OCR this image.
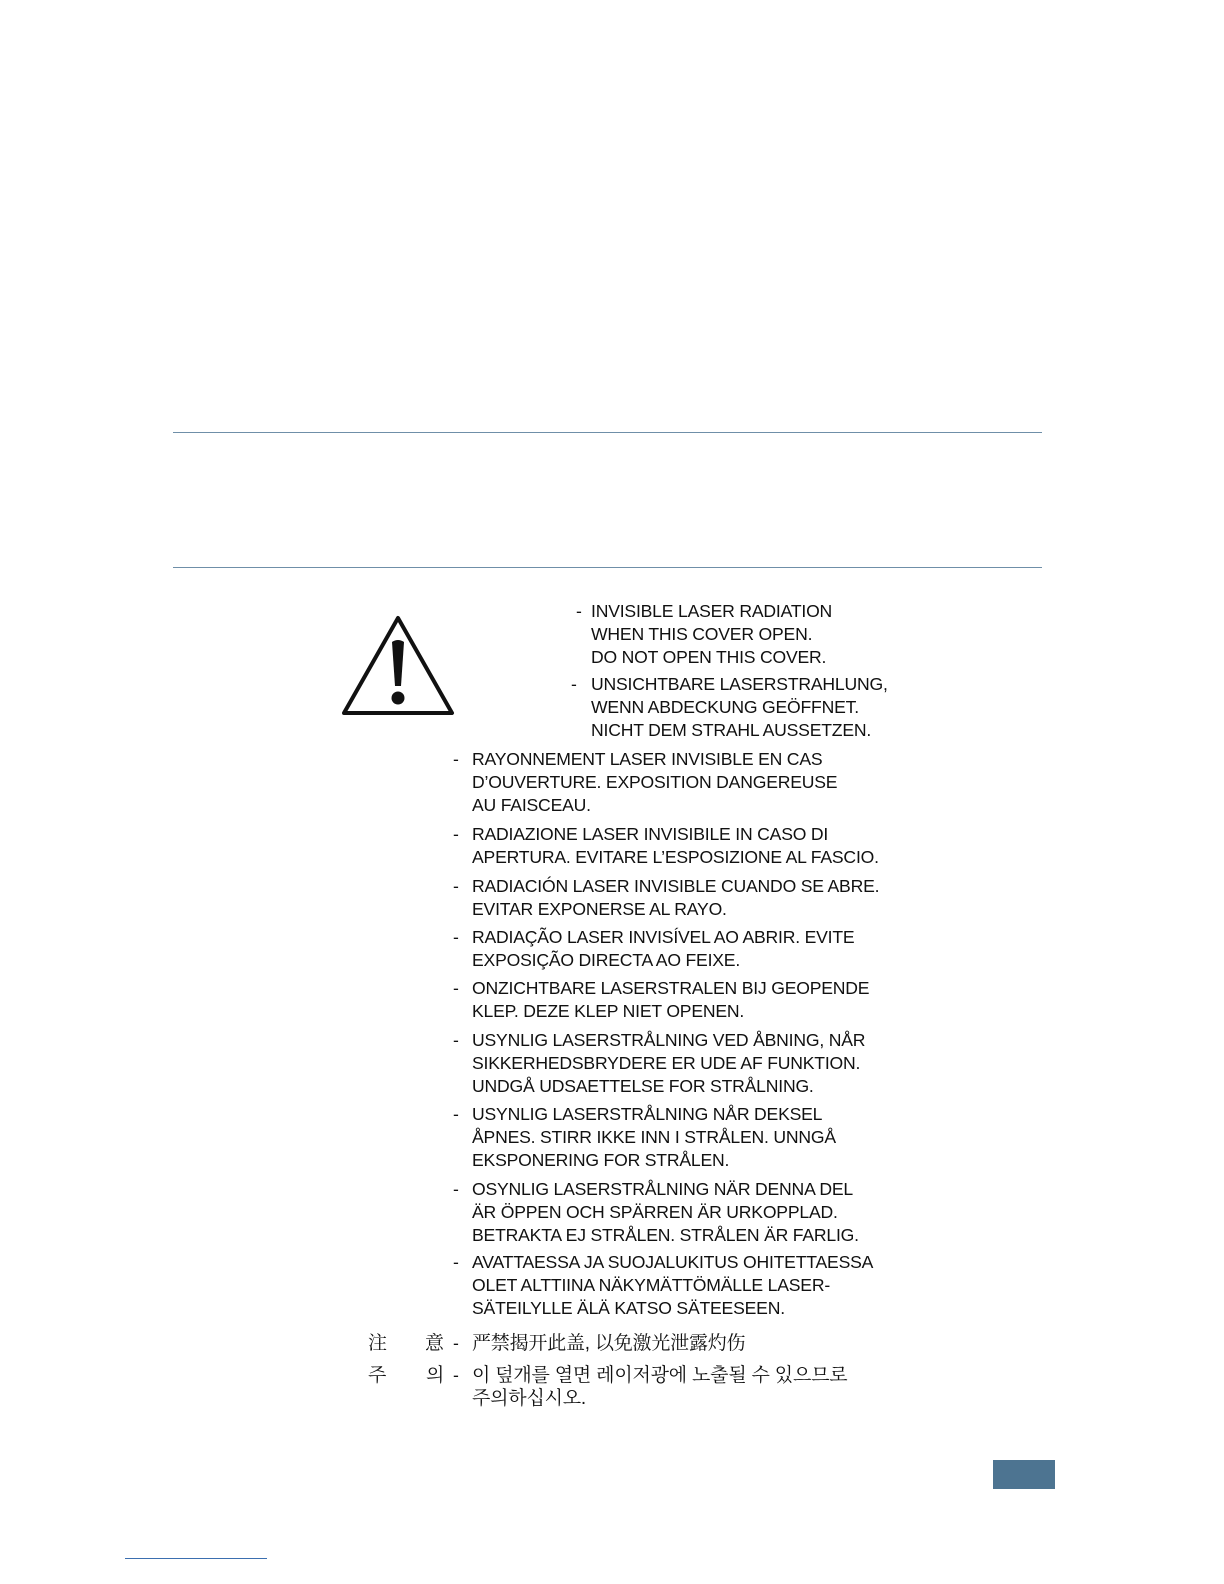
- INVISIBLE LASER RADIATION
WHEN THIS COVER OPEN.
DO NOT OPEN THIS COVER.
- UNSICHTBARE LASERSTRAHLUNG,
WENN ABDECKUNG GEÖFFNET.
NICHT DEM STRAHL AUSSETZEN.
- RAYONNEMENT LASER INVISIBLE EN CAS
D’OUVERTURE. EXPOSITION DANGEREUSE
AU FAISCEAU.
- RADIAZIONE LASER INVISIBILE IN CASO DI
APERTURA. EVITARE L’ESPOSIZIONE AL FASCIO.
- RADIACIÓN LASER INVISIBLE CUANDO SE ABRE.
EVITAR EXPONERSE AL RAYO.
- RADIAÇÃO LASER INVISÍVEL AO ABRIR. EVITE
EXPOSIÇÃO DIRECTA AO FEIXE.
- ONZICHTBARE LASERSTRALEN BIJ GEOPENDE
KLEP. DEZE KLEP NIET OPENEN.
- USYNLIG LASERSTRÅLNING VED ÅBNING, NÅR
SIKKERHEDSBRYDERE ER UDE AF FUNKTION.
UNDGÅ UDSAETTELSE FOR STRÅLNING.
- USYNLIG LASERSTRÅLNING NÅR DEKSEL
ÅPNES. STIRR IKKE INN I STRÅLEN. UNNGÅ
EKSPONERING FOR STRÅLEN.
- OSYNLIG LASERSTRÅLNING NÄR DENNA DEL
ÄR ÖPPEN OCH SPÄRREN ÄR URKOPPLAD.
BETRAKTA EJ STRÅLEN. STRÅLEN ÄR FARLIG.
- AVATTAESSA JA SUOJALUKITUS OHITETTAESSA
OLET ALTTIINA NÄKYMÄTTÖMÄLLE LASER-
SÄTEILYLLE ÄLÄ KATSO SÄTEESEEN.
注 意 - 严禁揭开此盖, 以免激光泄露灼伤
주 의 - 이 덮개를 열면 레이저광에 노출될 수 있으므로
주의하십시오.
